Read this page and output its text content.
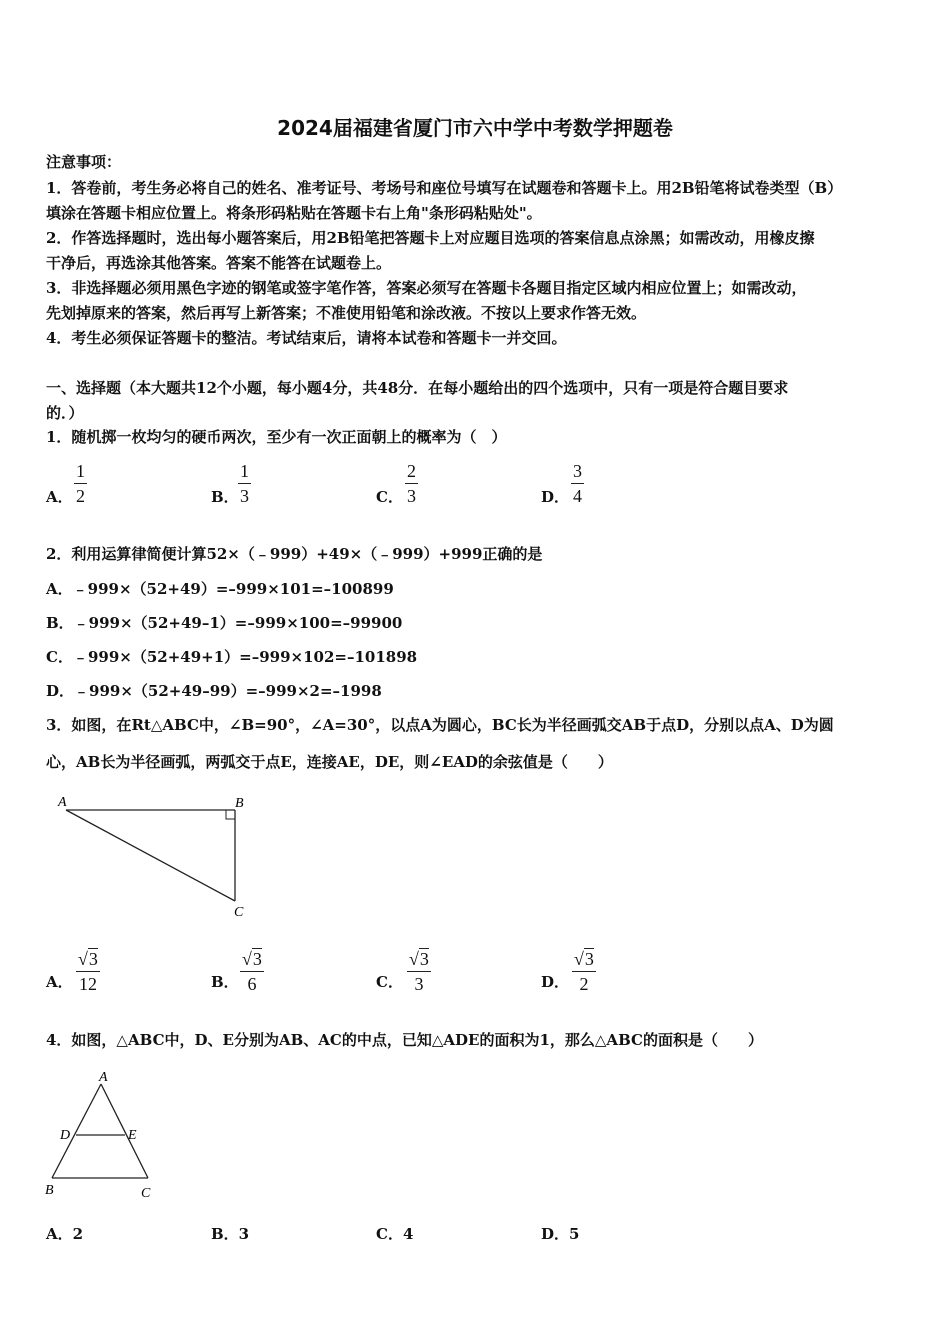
2024届福建省厦门市六中学中考数学押题卷
注意事项：
1．答卷前，考生务必将自己的姓名、准考证号、考场号和座位号填写在试题卷和答题卡上。用2B铅笔将试卷类型（B）
填涂在答题卡相应位置上。将条形码粘贴在答题卡右上角"条形码粘贴处"。
2．作答选择题时，选出每小题答案后，用2B铅笔把答题卡上对应题目选项的答案信息点涂黑；如需改动，用橡皮擦
干净后，再选涂其他答案。答案不能答在试题卷上。
3．非选择题必须用黑色字迹的钢笔或签字笔作答，答案必须写在答题卡各题目指定区域内相应位置上；如需改动，
先划掉原来的答案，然后再写上新答案；不准使用铅笔和涂改液。不按以上要求作答无效。
4．考生必须保证答题卡的整洁。考试结束后，请将本试卷和答题卡一并交回。
一、选择题（本大题共12个小题，每小题4分，共48分．在每小题给出的四个选项中，只有一项是符合题目要求
的．）
1．随机掷一枚均匀的硬币两次，至少有一次正面朝上的概率为（　）
A．
1
2	B．
1
3	C．
2
3	D．
3
4
2．利用运算律简便计算52×（﹣999）+49×（﹣999）+999正确的是
A．﹣999×（52+49）=–999×101=–100899
B．﹣999×（52+49–1）=–999×100=–99900
C．﹣999×（52+49+1）=–999×102=–101898
D．﹣999×（52+49–99）=–999×2=–1998
3．如图，在Rt△ABC中，∠B=90°，∠A=30°，以点A为圆心，BC长为半径画弧交AB于点D，分别以点A、D为圆
心，AB长为半径画弧，两弧交于点E，连接AE，DE，则∠EAD的余弦值是（　　）
A	B
C
A．
√3
12	B．
√3
6	C．
√3
3	D．
√3
2
4．如图，△ABC中，D、E分别为AB、AC的中点，已知△ADE的面积为1，那么△ABC的面积是（　　）
A
D	E
B	C
A．2	B．3	C．4	D．5
